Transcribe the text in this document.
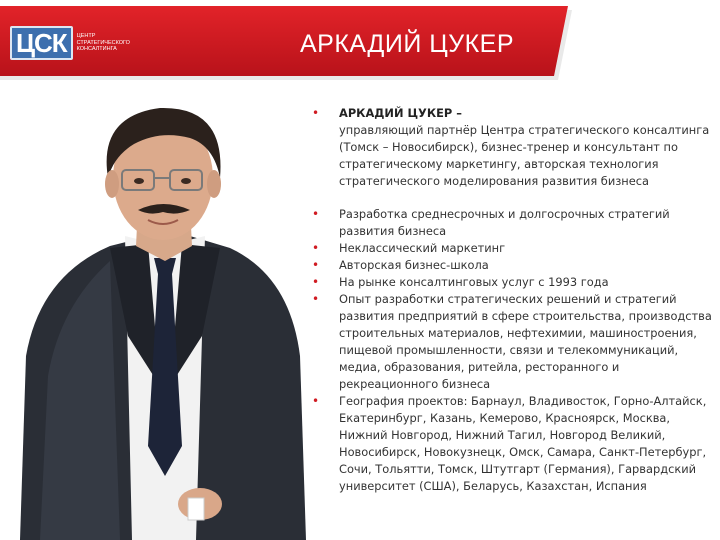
ЦСК	ЦЕНТР СТРАТЕГИЧЕСКОГО КОНСАЛТИНГА	АРКАДИЙ ЦУКЕР
• АРКАДИЙ ЦУКЕР –
управляющий партнёр Центра стратегического консалтинга (Томск – Новосибирск), бизнес-тренер и консультант по стратегическому маркетингу, авторская технология стратегического моделирования развития бизнеса
• Разработка среднесрочных и долгосрочных стратегий развития бизнеса
• Неклассический маркетинг
• Авторская бизнес-школа
• На рынке консалтинговых услуг с 1993 года
• Опыт разработки стратегических решений и стратегий развития предприятий в сфере строительства, производства строительных материалов, нефтехимии, машиностроения, пищевой промышленности, связи и телекоммуникаций, медиа, образования, ритейла, ресторанного и рекреационного бизнеса
• География проектов: Барнаул, Владивосток, Горно-Алтайск, Екатеринбург, Казань, Кемерово, Красноярск, Москва, Нижний Новгород, Нижний Тагил, Новгород Великий, Новосибирск, Новокузнецк, Омск, Самара, Санкт-Петербург, Сочи, Тольятти, Томск, Штутгарт (Германия), Гарвардский университет (США), Беларусь, Казахстан, Испания
